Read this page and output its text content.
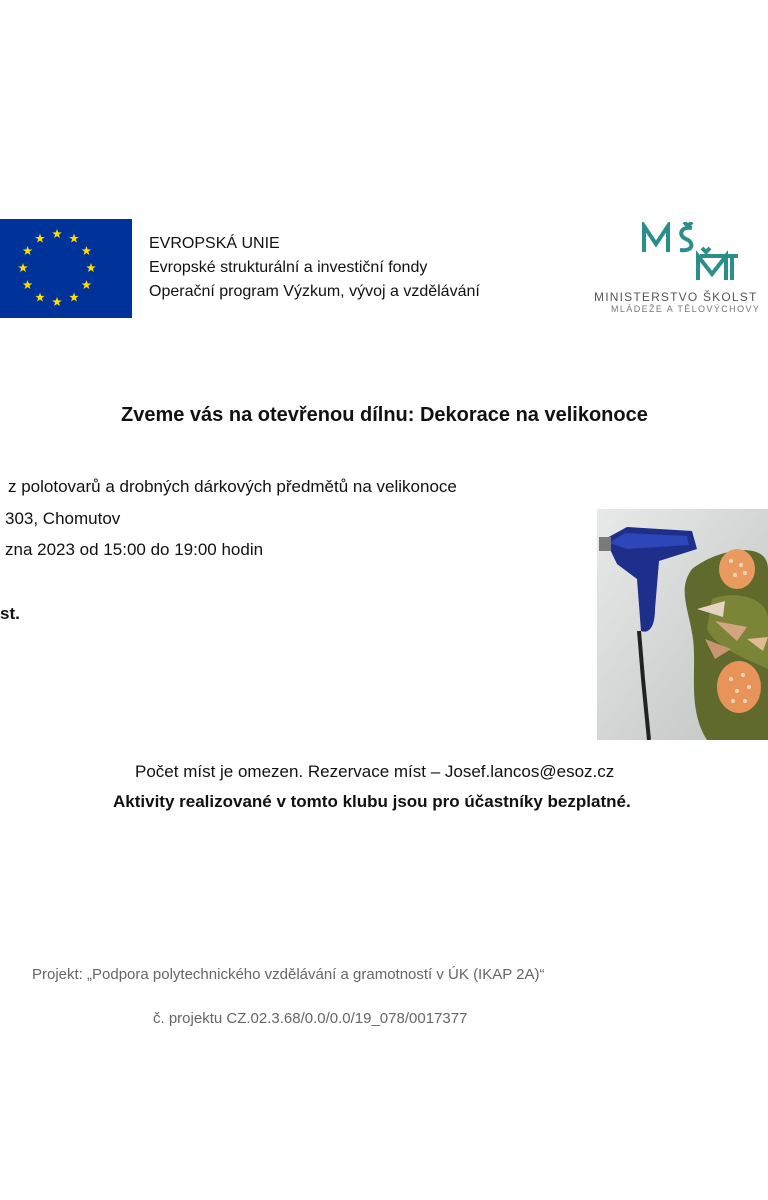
EVROPSKÁ UNIE
Evropské strukturální a investiční fondy
Operační program Výzkum, vývoj a vzdělávání	MINISTERSTVO ŠKOLST
MLÁDEŽE A TĚLOVÝCHOVY
Zveme vás na otevřenou dílnu: Dekorace na velikonoce
z polotovarů a drobných dárkových předmětů na velikonoce
303, Chomutov
zna 2023 od 15:00 do 19:00 hodin
st.
Počet míst je omezen. Rezervace míst – Josef.lancos@esoz.cz
Aktivity realizované v tomto klubu jsou pro účastníky bezplatné.
Projekt: „Podpora polytechnického vzdělávání a gramotností v ÚK (IKAP 2A)“
č. projektu CZ.02.3.68/0.0/0.0/19_078/0017377
